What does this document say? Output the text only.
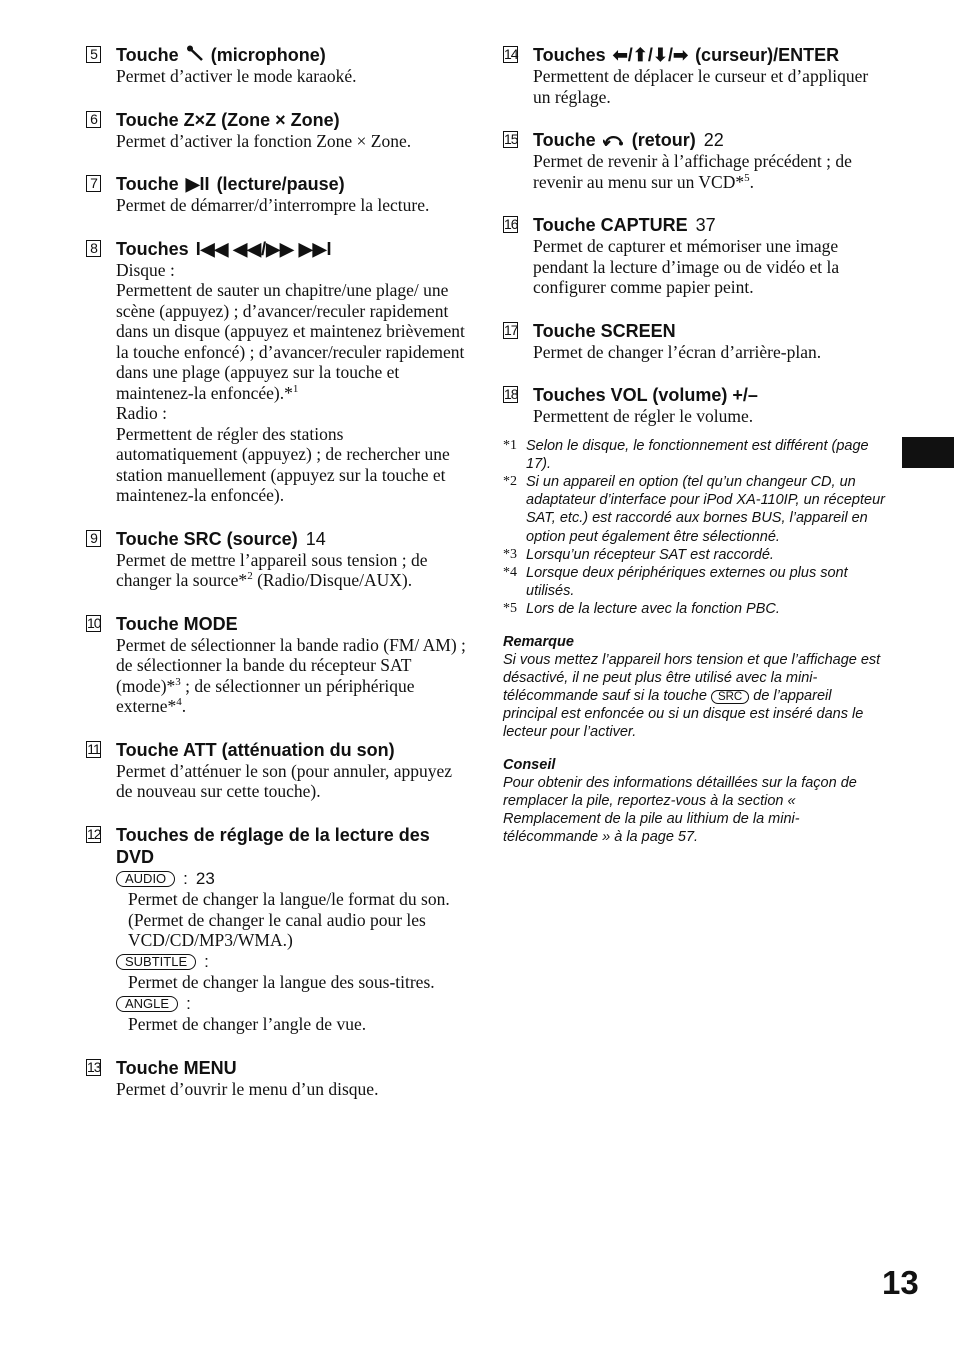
5 Touche (microphone)
Permet d’activer le mode karaoké.
6 Touche Z×Z (Zone × Zone)
Permet d’activer la fonction Zone × Zone.
7 Touche ▶II (lecture/pause)
Permet de démarrer/d’interrompre la lecture.
8 Touches I◀◀ ◀◀/▶▶ ▶▶I
Disque :
Permettent de sauter un chapitre/une plage/ une scène (appuyez) ; d’avancer/reculer rapidement dans un disque (appuyez et maintenez brièvement la touche enfoncé) ; d’avancer/reculer rapidement dans une plage (appuyez sur la touche et maintenez-la enfoncée).*$^1$
Radio :
Permettent de régler des stations automatiquement (appuyez) ; de rechercher une station manuellement (appuyez sur la touche et maintenez-la enfoncée).
9 Touche SRC (source) 14
Permet de mettre l’appareil sous tension ; de changer la source*$^2$ (Radio/Disque/AUX).
10 Touche MODE
Permet de sélectionner la bande radio (FM/ AM) ; de sélectionner la bande du récepteur SAT (mode)*$^3$ ; de sélectionner un périphérique externe*$^4$.
11 Touche ATT (atténuation du son)
Permet d’atténuer le son (pour annuler, appuyez de nouveau sur cette touche).
12 Touches de réglage de la lecture des DVD
AUDIO	: 23
Permet de changer la langue/le format du son.
(Permet de changer le canal audio pour les VCD/CD/MP3/WMA.)
SUBTITLE	:
Permet de changer la langue des sous-titres.
ANGLE	:
Permet de changer l’angle de vue.
13 Touche MENU
Permet d’ouvrir le menu d’un disque.
14 Touches ⬅/⬆/⬇/➡ (curseur)/ENTER
Permettent de déplacer le curseur et d’appliquer un réglage.
15 Touche (retour) 22
Permet de revenir à l’affichage précédent ; de revenir au menu sur un VCD*$^5$.
16 Touche CAPTURE 37
Permet de capturer et mémoriser une image pendant la lecture d’image ou de vidéo et la configurer comme papier peint.
17 Touche SCREEN
Permet de changer l’écran d’arrière-plan.
18 Touches VOL (volume) +/–
Permettent de régler le volume.
*1 Selon le disque, le fonctionnement est différent (page 17).
*2 Si un appareil en option (tel qu’un changeur CD, un adaptateur d’interface pour iPod XA-110IP, un récepteur SAT, etc.) est raccordé aux bornes BUS, l’appareil en option peut également être sélectionné.
*3 Lorsqu’un récepteur SAT est raccordé.
*4 Lorsque deux périphériques externes ou plus sont utilisés.
*5 Lors de la lecture avec la fonction PBC.
Remarque
Si vous mettez l’appareil hors tension et que l’affichage est désactivé, il ne peut plus être utilisé avec la mini-télécommande sauf si la touche SRC de l’appareil principal est enfoncée ou si un disque est inséré dans le lecteur pour l’activer.
Conseil
Pour obtenir des informations détaillées sur la façon de remplacer la pile, reportez-vous à la section « Remplacement de la pile au lithium de la mini-télécommande » à la page 57.
13
